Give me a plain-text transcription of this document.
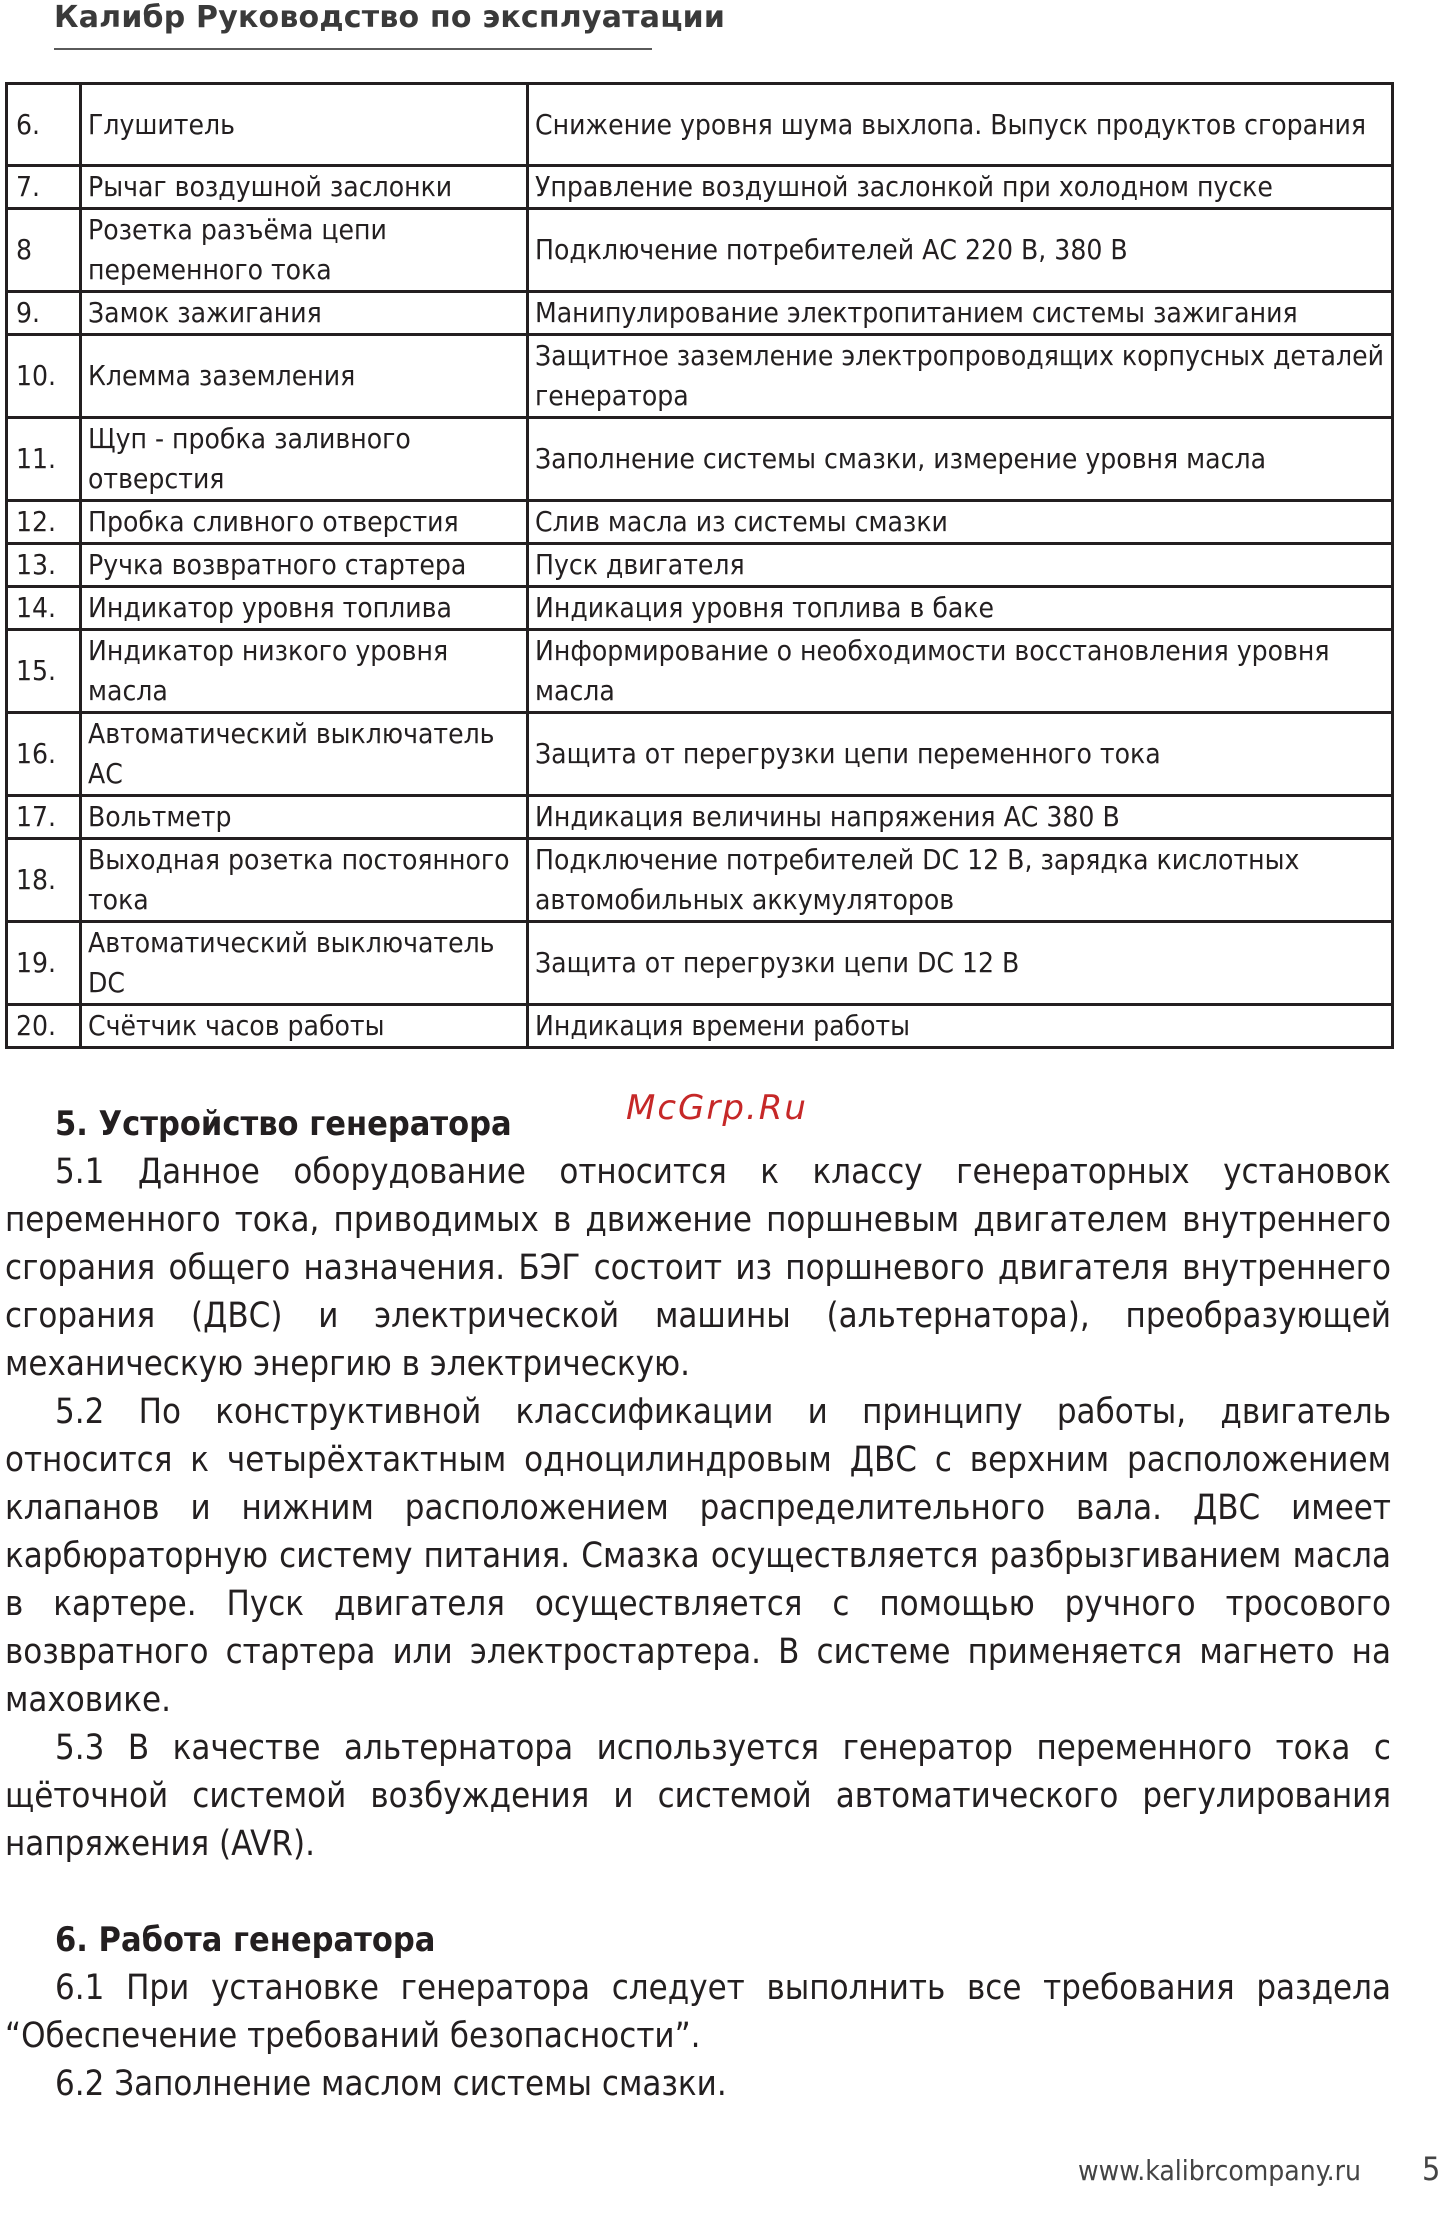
Калибр Руководство по эксплуатации
6.	Глушитель	Снижение уровня шума выхлопа. Выпуск продуктов сгорания
7.	Рычаг воздушной заслонки	Управление воздушной заслонкой при холодном пуске
8	Розетка разъёма цепи переменного тока	Подключение потребителей АС 220 В, 380 В
9.	Замок зажигания	Манипулирование электропитанием системы зажигания
10.	Клемма заземления	Защитное заземление электропроводящих корпусных деталей генератора
11.	Щуп - пробка заливного отверстия	Заполнение системы смазки, измерение уровня масла
12.	Пробка сливного отверстия	Слив масла из системы смазки
13.	Ручка возвратного стартера	Пуск двигателя
14.	Индикатор уровня топлива	Индикация уровня топлива в баке
15.	Индикатор низкого уровня масла	Информирование о необходимости восстановления уровня масла
16.	Автоматический выключатель АС	Защита от перегрузки цепи переменного тока
17.	Вольтметр	Индикация величины напряжения АС 380 В
18.	Выходная розетка постоянного тока	Подключение потребителей DC 12 В, зарядка кислотных автомобильных аккумуляторов
19.	Автоматический выключатель DC	Защита от перегрузки цепи DC 12 В
20.	Счётчик часов работы	Индикация времени работы
McGrp.Ru
5. Устройство генератора

5.1 Данное оборудование относится к классу генераторных установок переменного тока, приводимых в движение поршневым двигателем внутреннего сгорания общего назначения. БЭГ состоит из поршневого двигателя внутреннего сгорания (ДВС) и электрической машины (альтернатора), преобразующей механическую энергию в электрическую.

5.2 По конструктивной классификации и принципу работы, двигатель относится к четырёхтактным одноцилиндровым ДВС с верхним расположением клапанов и нижним расположением распределительного вала. ДВС имеет карбюраторную систему питания. Смазка осуществляется разбрызгиванием масла в картере. Пуск двигателя осуществляется с помощью ручного тросового возвратного стартера или электростартера. В системе применяется магнето на маховике.

5.3 В качестве альтернатора используется генератор переменного тока с щёточной системой возбуждения и системой автоматического регулирования напряжения (AVR).

6. Работа генератора

6.1 При установке генератора следует выполнить все требования раздела “Обеспечение требований безопасности”.

6.2 Заполнение маслом системы смазки.

www.kalibrcompany.ru 5
